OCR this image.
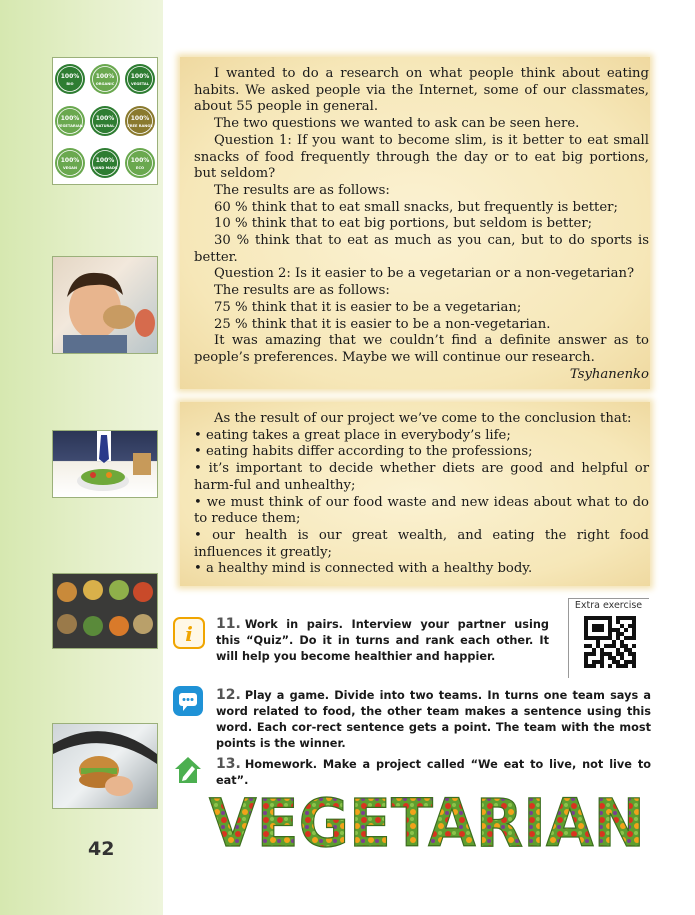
100%
BIO
100%
ORGANIC
100%
VEGETAL
100%
VEGETARIAN
100%
NATURAL
100%
FREE RANGE
100%
VEGAN
100%
HAND MADE
100%
ECO
42

I wanted to do a research on what people think about eating habits. We asked people via the Internet, some of our classmates, about 55 people in general.

The two questions we wanted to ask can be seen here.

Question 1: If you want to become slim, is it better to eat small snacks of food frequently through the day or to eat big portions, but seldom?

The results are as follows:

60 % think that to eat small snacks, but frequently is better;

10 % think that to eat big portions, but seldom is better;

30 % think that to eat as much as you can, but to do sports is better.

Question 2: Is it easier to be a vegetarian or a non-vegetarian?

The results are as follows:

75 % think that it is easier to be a vegetarian;

25 % think that it is easier to be a non-vegetarian.

It was amazing that we couldn’t find a definite answer as to people’s preferences. Maybe we will continue our research.

Tsyhanenko

As the result of our project we’ve come to the conclusion that:

• eating takes a great place in everybody’s life;

• eating habits differ according to the professions;

• it’s important to decide whether diets are good and helpful or harm-ful and unhealthy;

• we must think of our food waste and new ideas about what to do to reduce them;

• our health is our great wealth, and eating the right food influences it greatly;

• a healthy mind is connected with a healthy body.

i	11. Work in pairs. Interview your partner using this “Quiz”. Do it in turns and rank each other. It will help you become healthier and happier.
12. Play a game. Divide into two teams. In turns one team says a word related to food, the other team makes a sentence using this word. Each cor-rect sentence gets a point. The team with the most points is the winner.
13. Homework. Make a project called “We eat to live, not live to eat”.
Extra exercise
VEGETARIAN
